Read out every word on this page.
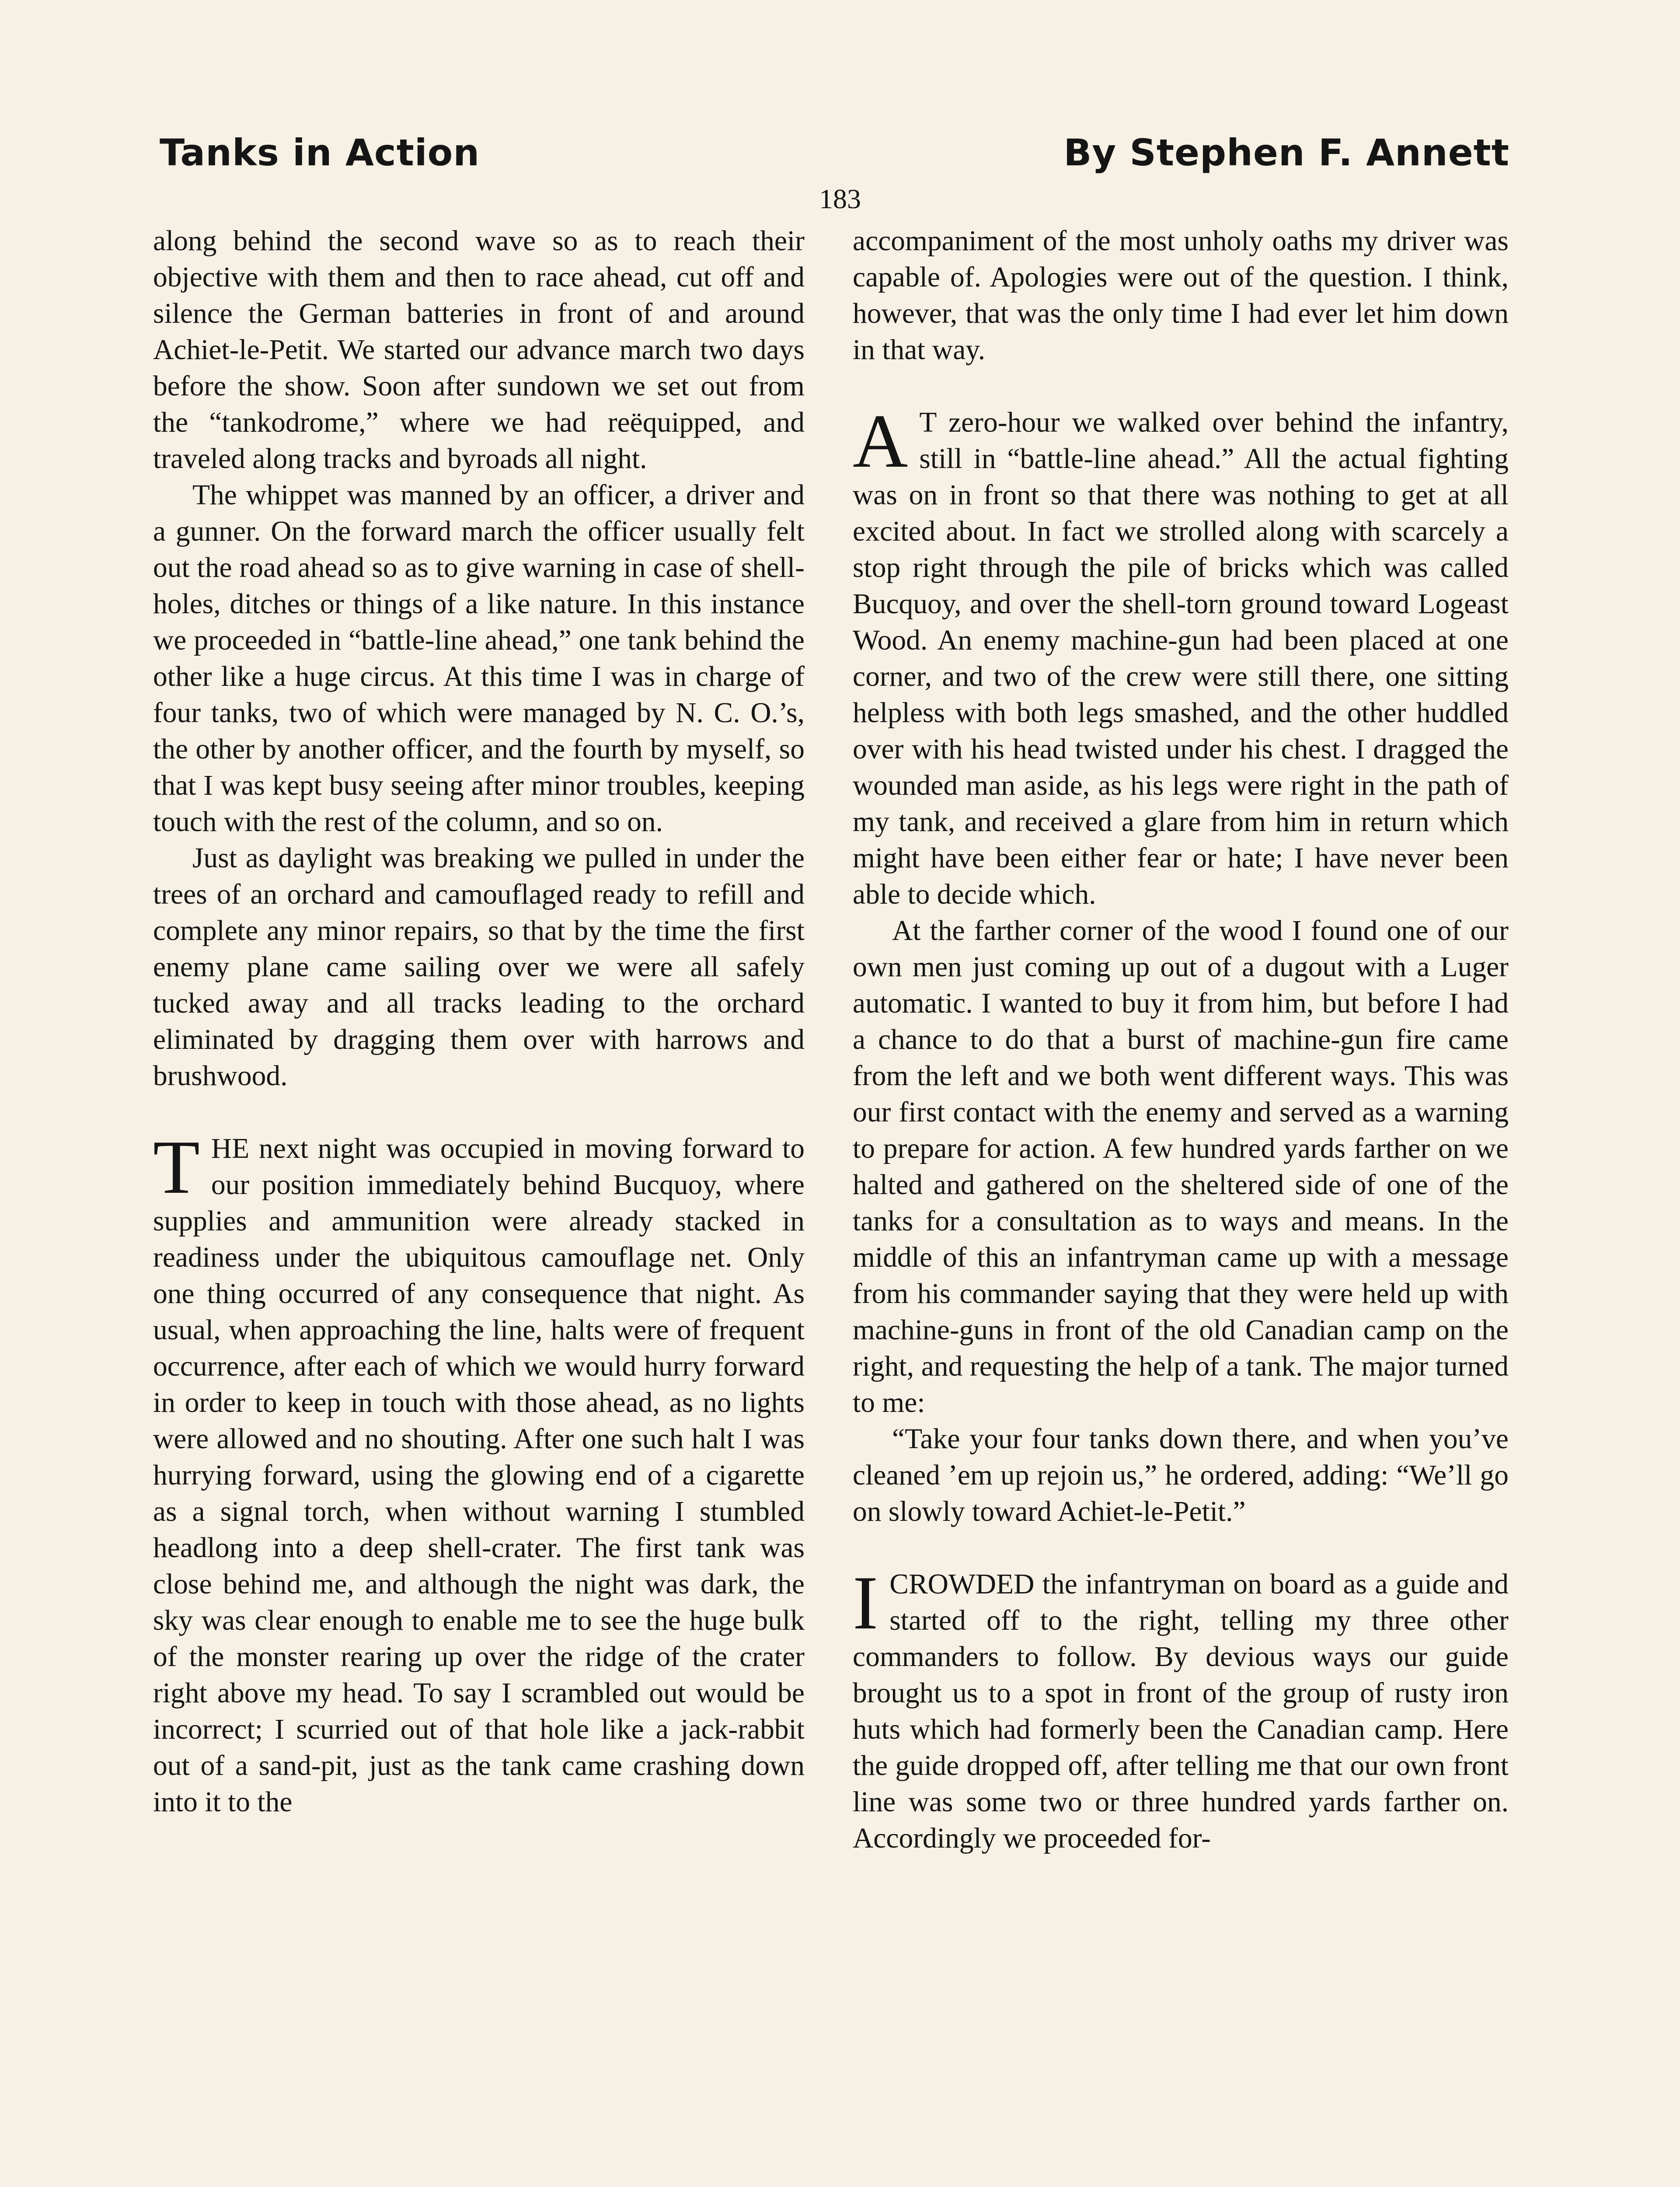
Tanks in Action	By Stephen F. Annett
183

along behind the second wave so as to reach their objective with them and then to race ahead, cut off and silence the German batteries in front of and around Achiet-le-Petit. We started our advance march two days before the show. Soon after sundown we set out from the “tankodrome,” where we had reëquipped, and traveled along tracks and byroads all night.

The whippet was manned by an officer, a driver and a gunner. On the forward march the officer usually felt out the road ahead so as to give warning in case of shell-holes, ditches or things of a like nature. In this instance we proceeded in “battle-line ahead,” one tank behind the other like a huge circus. At this time I was in charge of four tanks, two of which were managed by N. C. O.’s, the other by another officer, and the fourth by myself, so that I was kept busy seeing after minor troubles, keeping touch with the rest of the column, and so on.

Just as daylight was breaking we pulled in under the trees of an orchard and camouflaged ready to refill and complete any minor repairs, so that by the time the first enemy plane came sailing over we were all safely tucked away and all tracks leading to the orchard eliminated by dragging them over with harrows and brushwood.

THE next night was occupied in moving forward to our position immediately behind Bucquoy, where supplies and ammunition were already stacked in readiness under the ubiquitous camouflage net. Only one thing occurred of any consequence that night. As usual, when approaching the line, halts were of frequent occurrence, after each of which we would hurry forward in order to keep in touch with those ahead, as no lights were allowed and no shouting. After one such halt I was hurrying forward, using the glowing end of a cigarette as a signal torch, when without warning I stumbled headlong into a deep shell-crater. The first tank was close behind me, and although the night was dark, the sky was clear enough to enable me to see the huge bulk of the monster rearing up over the ridge of the crater right above my head. To say I scrambled out would be incorrect; I scurried out of that hole like a jack-rabbit out of a sand-pit, just as the tank came crashing down into it to the

accompaniment of the most unholy oaths my driver was capable of. Apologies were out of the question. I think, however, that was the only time I had ever let him down in that way.

A T zero-hour we walked over behind the infantry, still in “battle-line ahead.” All the actual fighting was on in front so that there was nothing to get at all excited about. In fact we strolled along with scarcely a stop right through the pile of bricks which was called Bucquoy, and over the shell-torn ground toward Logeast Wood. An enemy machine-gun had been placed at one corner, and two of the crew were still there, one sitting helpless with both legs smashed, and the other huddled over with his head twisted under his chest. I dragged the wounded man aside, as his legs were right in the path of my tank, and received a glare from him in return which might have been either fear or hate; I have never been able to decide which.

At the farther corner of the wood I found one of our own men just coming up out of a dugout with a Luger automatic. I wanted to buy it from him, but before I had a chance to do that a burst of machine-gun fire came from the left and we both went different ways. This was our first contact with the enemy and served as a warning to prepare for action. A few hundred yards farther on we halted and gathered on the sheltered side of one of the tanks for a consultation as to ways and means. In the middle of this an infantryman came up with a message from his commander saying that they were held up with machine-guns in front of the old Canadian camp on the right, and requesting the help of a tank. The major turned to me:

“Take your four tanks down there, and when you’ve cleaned ’em up rejoin us,” he ordered, adding: “We’ll go on slowly toward Achiet-le-Petit.”

ICROWDED the infantryman on board as a guide and started off to the right, telling my three other commanders to follow. By devious ways our guide brought us to a spot in front of the group of rusty iron huts which had formerly been the Canadian camp. Here the guide dropped off, after telling me that our own front line was some two or three hundred yards farther on. Accordingly we proceeded for-
